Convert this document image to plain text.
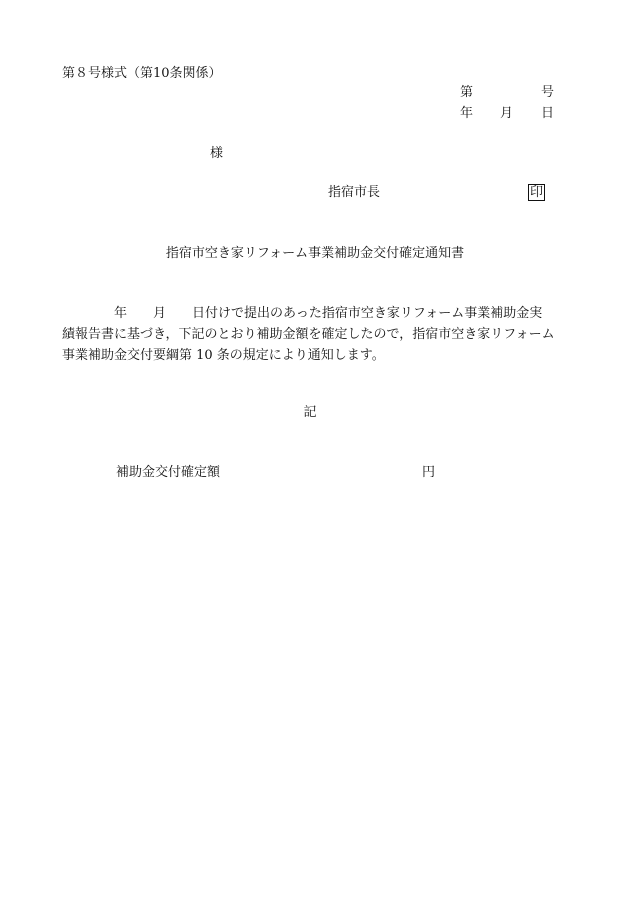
第８号様式（第10条関係）
第	号
年 月 日
様
指宿市長	印
指宿市空き家リフォーム事業補助金交付確定通知書
　　　　年　　月　　日付けで提出のあった指宿市空き家リフォーム事業補助金実
績報告書に基づき，下記のとおり補助金額を確定したので，指宿市空き家リフォーム
事業補助金交付要綱第 10 条の規定により通知します。
記
補助金交付確定額	円
